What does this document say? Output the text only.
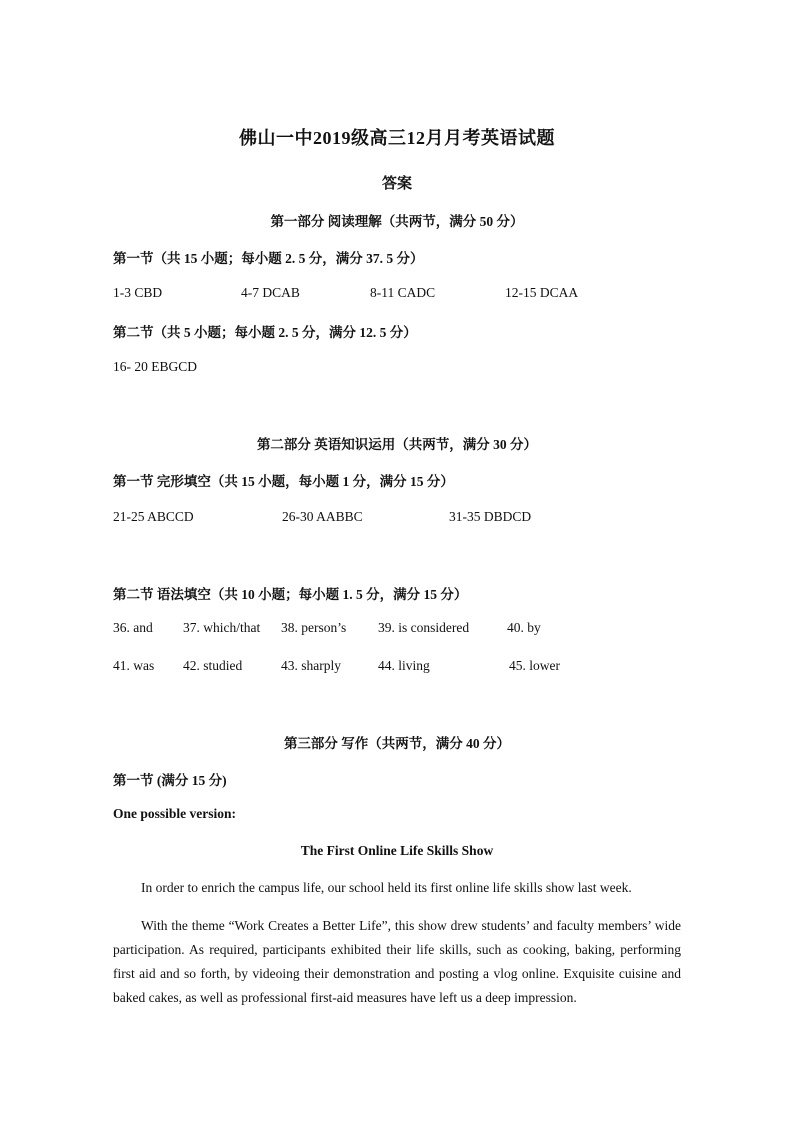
佛山一中2019级高三12月月考英语试题
答案
第一部分 阅读理解（共两节，满分 50 分）
第一节（共 15 小题；每小题 2. 5 分，满分 37. 5 分）
1-3 CBD	4-7 DCAB	8-11 CADC	12-15 DCAA
第二节（共 5 小题；每小题 2. 5 分，满分 12. 5 分）
16- 20 EBGCD
第二部分 英语知识运用（共两节，满分 30 分）
第一节 完形填空（共 15 小题，每小题 1 分，满分 15 分）
21-25 ABCCD	26-30 AABBC	31-35 DBDCD
第二节 语法填空（共 10 小题；每小题 1. 5 分，满分 15 分）
36. and 37. which/that 38. person’s 39. is considered	40. by
41. was 42. studied	43. sharply	44. living	45. lower
第三部分 写作（共两节，满分 40 分）
第一节 (满分 15 分)
One possible version:
The First Online Life Skills Show
In order to enrich the campus life, our school held its first online life skills show last week.
With the theme “Work Creates a Better Life”, this show drew students’ and faculty members’ wide participation. As required, participants exhibited their life skills, such as cooking, baking, performing first aid and so forth, by videoing their demonstration and posting a vlog online. Exquisite cuisine and baked cakes, as well as professional first-aid measures have left us a deep impression.
